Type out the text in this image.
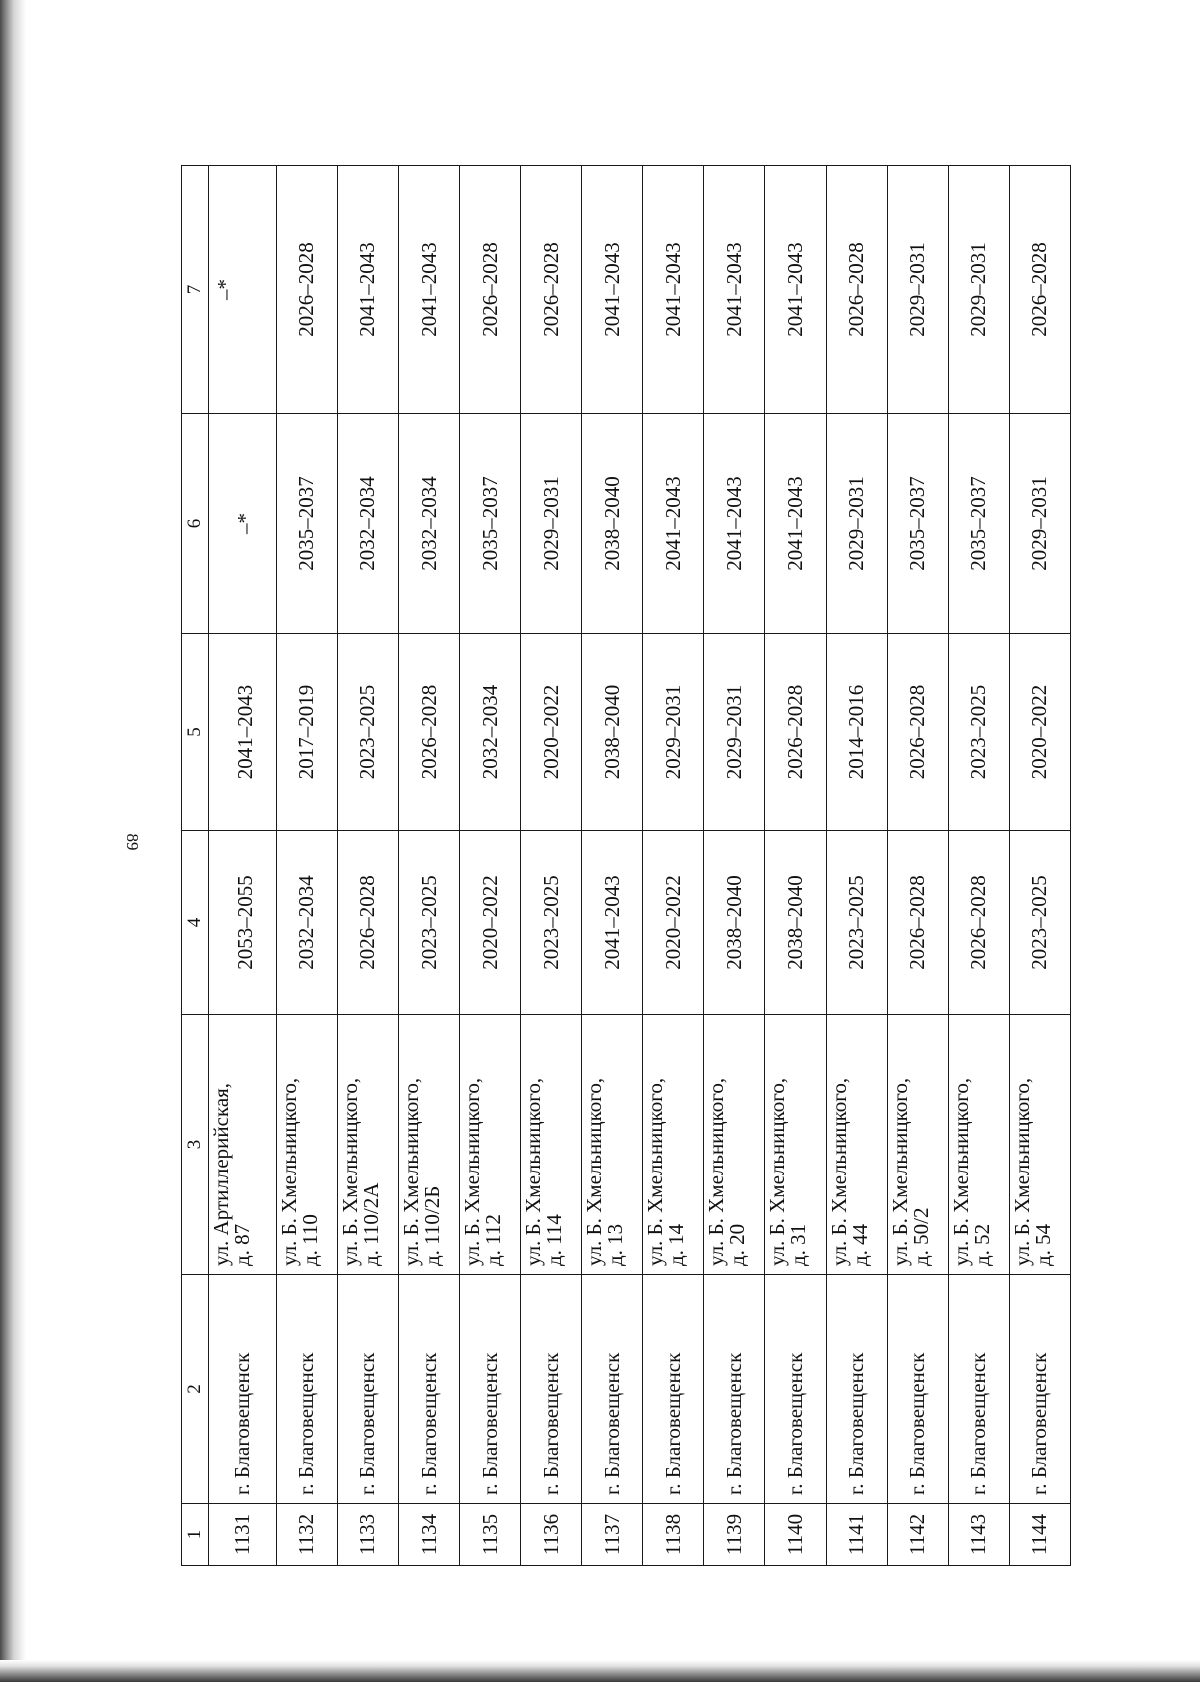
89
1	2	3	4	5	6	7
1131	г. Благовещенск	ул. Артиллерийская,
д. 87	2053–2055	2041–2043	–*	–*
1132	г. Благовещенск	ул. Б. Хмельницкого,
д. 110	2032–2034	2017–2019	2035–2037	2026–2028
1133	г. Благовещенск	ул. Б. Хмельницкого,
д. 110/2А	2026–2028	2023–2025	2032–2034	2041–2043
1134	г. Благовещенск	ул. Б. Хмельницкого,
д. 110/2Б	2023–2025	2026–2028	2032–2034	2041–2043
1135	г. Благовещенск	ул. Б. Хмельницкого,
д. 112	2020–2022	2032–2034	2035–2037	2026–2028
1136	г. Благовещенск	ул. Б. Хмельницкого,
д. 114	2023–2025	2020–2022	2029–2031	2026–2028
1137	г. Благовещенск	ул. Б. Хмельницкого,
д. 13	2041–2043	2038–2040	2038–2040	2041–2043
1138	г. Благовещенск	ул. Б. Хмельницкого,
д. 14	2020–2022	2029–2031	2041–2043	2041–2043
1139	г. Благовещенск	ул. Б. Хмельницкого,
д. 20	2038–2040	2029–2031	2041–2043	2041–2043
1140	г. Благовещенск	ул. Б. Хмельницкого,
д. 31	2038–2040	2026–2028	2041–2043	2041–2043
1141	г. Благовещенск	ул. Б. Хмельницкого,
д. 44	2023–2025	2014–2016	2029–2031	2026–2028
1142	г. Благовещенск	ул. Б. Хмельницкого,
д. 50/2	2026–2028	2026–2028	2035–2037	2029–2031
1143	г. Благовещенск	ул. Б. Хмельницкого,
д. 52	2026–2028	2023–2025	2035–2037	2029–2031
1144	г. Благовещенск	ул. Б. Хмельницкого,
д. 54	2023–2025	2020–2022	2029–2031	2026–2028
